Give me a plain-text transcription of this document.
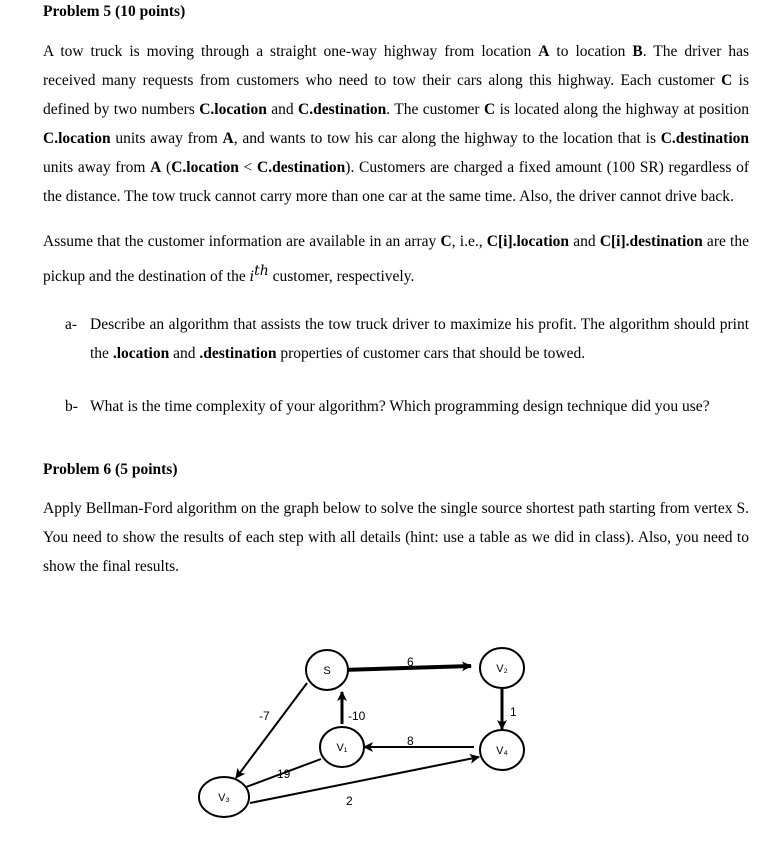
Problem 5 (10 points)
A tow truck is moving through a straight one-way highway from location A to location B. The driver has received many requests from customers who need to tow their cars along this highway. Each customer C is defined by two numbers C.location and C.destination. The customer C is located along the highway at position C.location units away from A, and wants to tow his car along the highway to the location that is C.destination units away from A (C.location < C.destination). Customers are charged a fixed amount (100 SR) regardless of the distance. The tow truck cannot carry more than one car at the same time. Also, the driver cannot drive back.
Assume that the customer information are available in an array C, i.e., C[i].location and C[i].destination are the pickup and the destination of the $i^{th}$ customer, respectively.
a- Describe an algorithm that assists the tow truck driver to maximize his profit. The algorithm should print the .location and .destination properties of customer cars that should be towed.
b- What is the time complexity of your algorithm? Which programming design technique did you use?
Problem 6 (5 points)
Apply Bellman-Ford algorithm on the graph below to solve the single source shortest path starting from vertex S. You need to show the results of each step with all details (hint: use a table as we did in class). Also, you need to show the final results.
6
-7	-10
8
1
19
2
S	V₂
V₁	V₄
V₃
